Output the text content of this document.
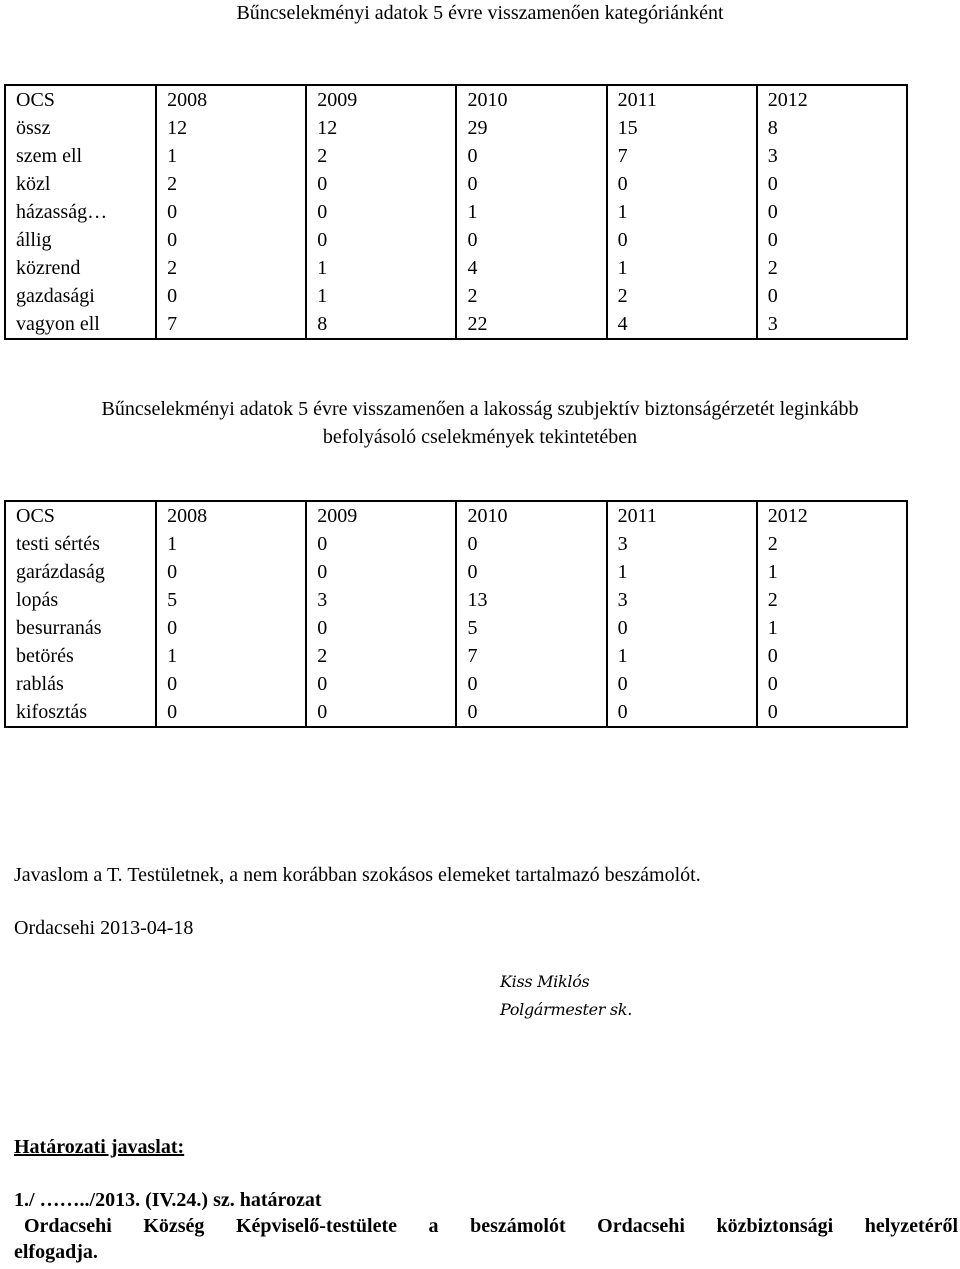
Bűncselekményi adatok 5 évre visszamenően kategóriánként
OCS	2008	2009	2010	2011	2012
össz	12	12	29	15	8
szem ell	1	2	0	7	3
közl	2	0	0	0	0
házasság…	0	0	1	1	0
állig	0	0	0	0	0
közrend	2	1	4	1	2
gazdasági	0	1	2	2	0
vagyon ell	7	8	22	4	3
Bűncselekményi adatok 5 évre visszamenően a lakosság szubjektív biztonságérzetét leginkább
befolyásoló cselekmények tekintetében
OCS	2008	2009	2010	2011	2012
testi sértés	1	0	0	3	2
garázdaság	0	0	0	1	1
lopás	5	3	13	3	2
besurranás	0	0	5	0	1
betörés	1	2	7	1	0
rablás	0	0	0	0	0
kifosztás	0	0	0	0	0
Javaslom a T. Testületnek, a nem korábban szokásos elemeket tartalmazó beszámolót.
Ordacsehi 2013-04-18
Kiss Miklós
Polgármester sk.
Határozati javaslat:
1./ ……../2013. (IV.24.) sz. határozat
Ordacsehi Község Képviselő-testülete a beszámolót Ordacsehi közbiztonsági helyzetéről
elfogadja.
